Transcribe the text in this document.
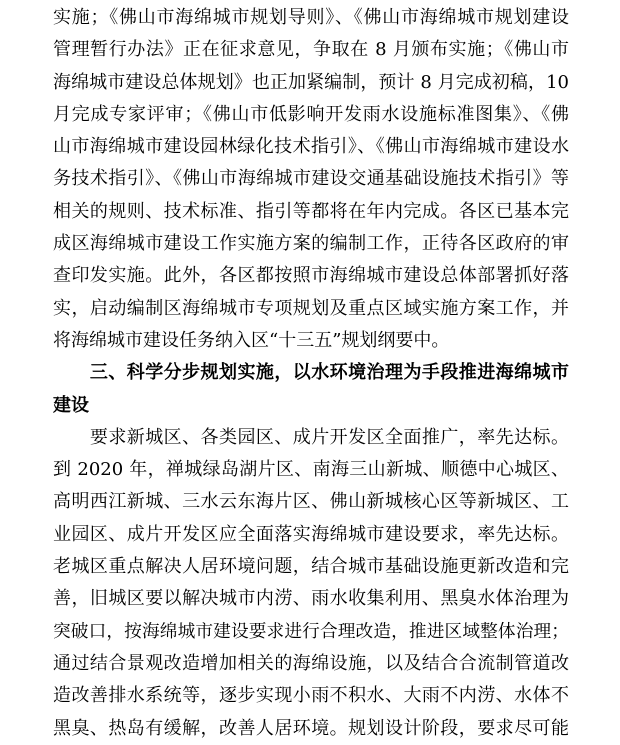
实施；《佛山市海绵城市规划导则》、《佛山市海绵城市规划建设
管理暂行办法》正在征求意见，争取在 8 月颁布实施；《佛山市
海绵城市建设总体规划》也正加紧编制，预计 8 月完成初稿，10
月完成专家评审；《佛山市低影响开发雨水设施标准图集》、《佛
山市海绵城市建设园林绿化技术指引》、《佛山市海绵城市建设水
务技术指引》、《佛山市海绵城市建设交通基础设施技术指引》等
相关的规则、技术标准、指引等都将在年内完成。各区已基本完
成区海绵城市建设工作实施方案的编制工作，正待各区政府的审
查印发实施。此外，各区都按照市海绵城市建设总体部署抓好落
实，启动编制区海绵城市专项规划及重点区域实施方案工作，并
将海绵城市建设任务纳入区“十三五”规划纲要中。
　　三、科学分步规划实施，以水环境治理为手段推进海绵城市
建设
　　要求新城区、各类园区、成片开发区全面推广，率先达标。
到 2020 年，禅城绿岛湖片区、南海三山新城、顺德中心城区、
高明西江新城、三水云东海片区、佛山新城核心区等新城区、工
业园区、成片开发区应全面落实海绵城市建设要求，率先达标。
老城区重点解决人居环境问题，结合城市基础设施更新改造和完
善，旧城区要以解决城市内涝、雨水收集利用、黑臭水体治理为
突破口，按海绵城市建设要求进行合理改造，推进区域整体治理；
通过结合景观改造增加相关的海绵设施，以及结合合流制管道改
造改善排水系统等，逐步实现小雨不积水、大雨不内涝、水体不
黑臭、热岛有缓解，改善人居环境。规划设计阶段，要求尽可能
